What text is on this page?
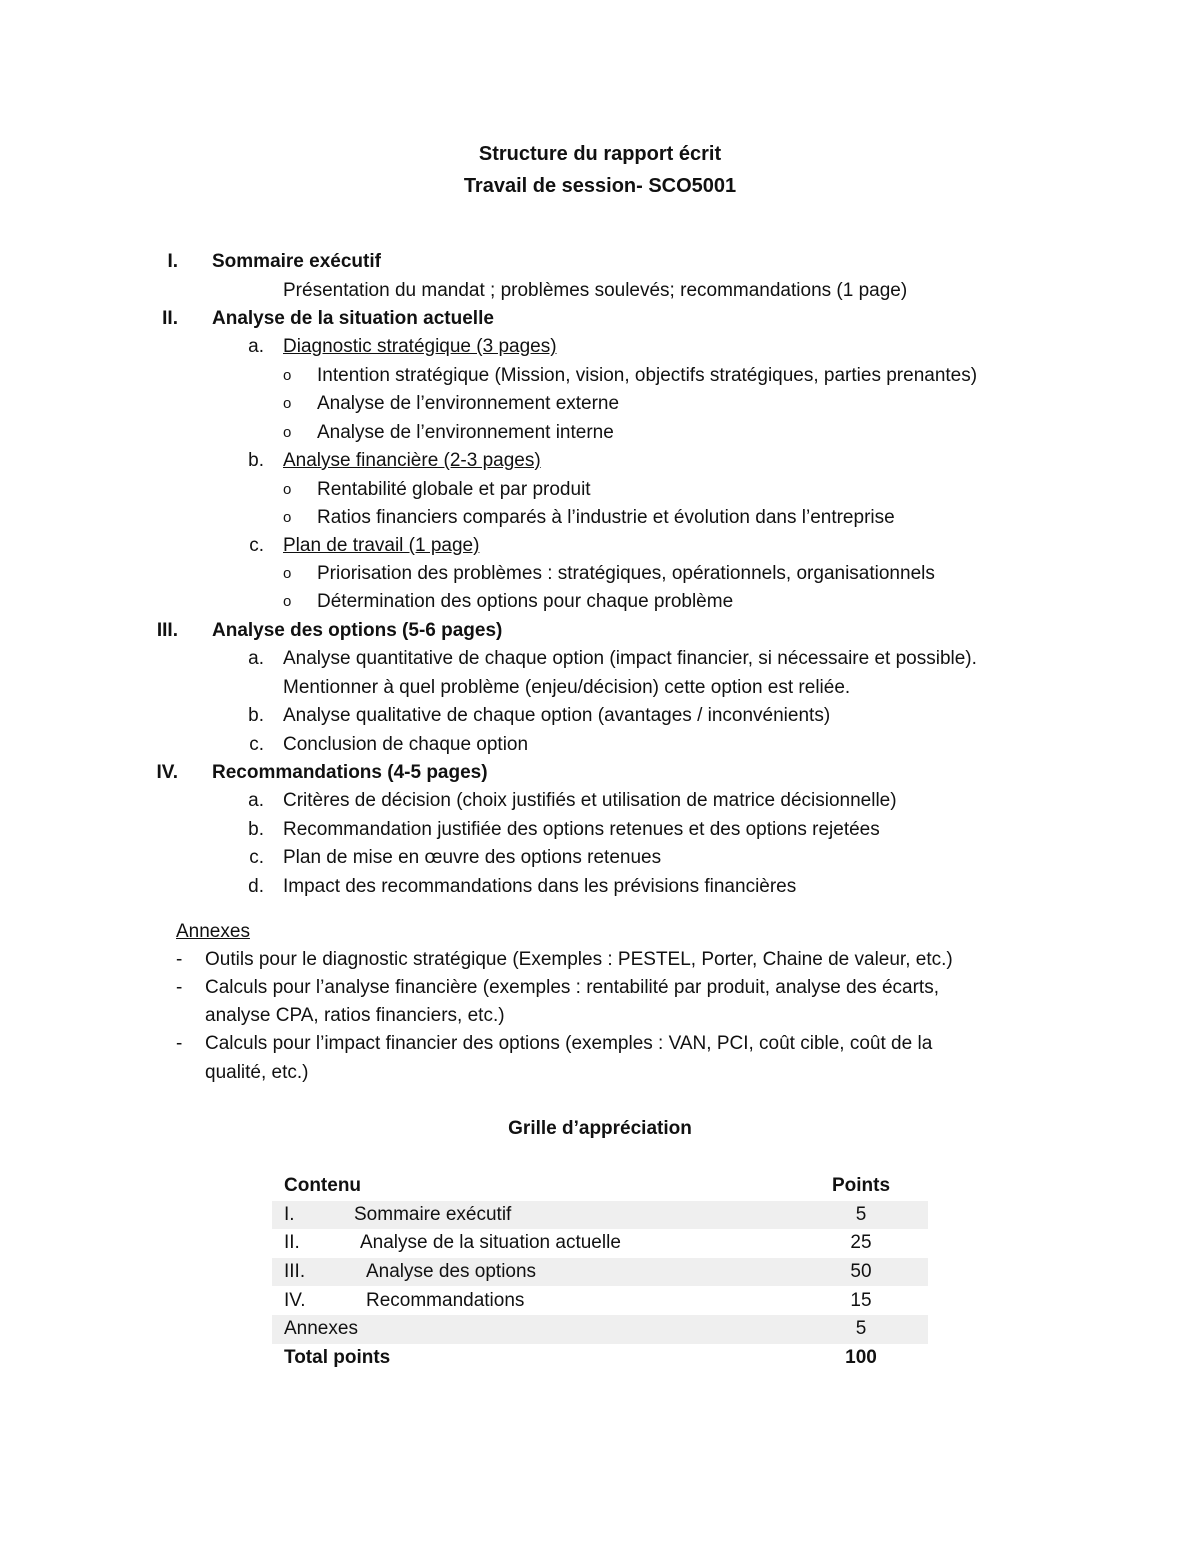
Structure du rapport écrit
Travail de session- SCO5001
I. Sommaire exécutif
Présentation du mandat ; problèmes soulevés; recommandations (1 page)
II. Analyse de la situation actuelle
a. Diagnostic stratégique (3 pages)
o Intention stratégique (Mission, vision, objectifs stratégiques, parties prenantes)
o Analyse de l’environnement externe
o Analyse de l’environnement interne
b. Analyse financière (2-3 pages)
o Rentabilité globale et par produit
o Ratios financiers comparés à l’industrie et évolution dans l’entreprise
c. Plan de travail (1 page)
o Priorisation des problèmes : stratégiques, opérationnels, organisationnels
o Détermination des options pour chaque problème
III. Analyse des options (5-6 pages)
a. Analyse quantitative de chaque option (impact financier, si nécessaire et possible).
Mentionner à quel problème (enjeu/décision) cette option est reliée.
b. Analyse qualitative de chaque option (avantages / inconvénients)
c. Conclusion de chaque option
IV. Recommandations (4-5 pages)
a. Critères de décision (choix justifiés et utilisation de matrice décisionnelle)
b. Recommandation justifiée des options retenues et des options rejetées
c. Plan de mise en œuvre des options retenues
d. Impact des recommandations dans les prévisions financières
Annexes
- Outils pour le diagnostic stratégique (Exemples : PESTEL, Porter, Chaine de valeur, etc.)
- Calculs pour l’analyse financière (exemples : rentabilité par produit, analyse des écarts,
analyse CPA, ratios financiers, etc.)
- Calculs pour l’impact financier des options (exemples : VAN, PCI, coût cible, coût de la
qualité, etc.)
Grille d’appréciation
Contenu	Points
I. Sommaire exécutif	5
II. Analyse de la situation actuelle	25
III. Analyse des options	50
IV. Recommandations	15
Annexes	5
Total points	100
